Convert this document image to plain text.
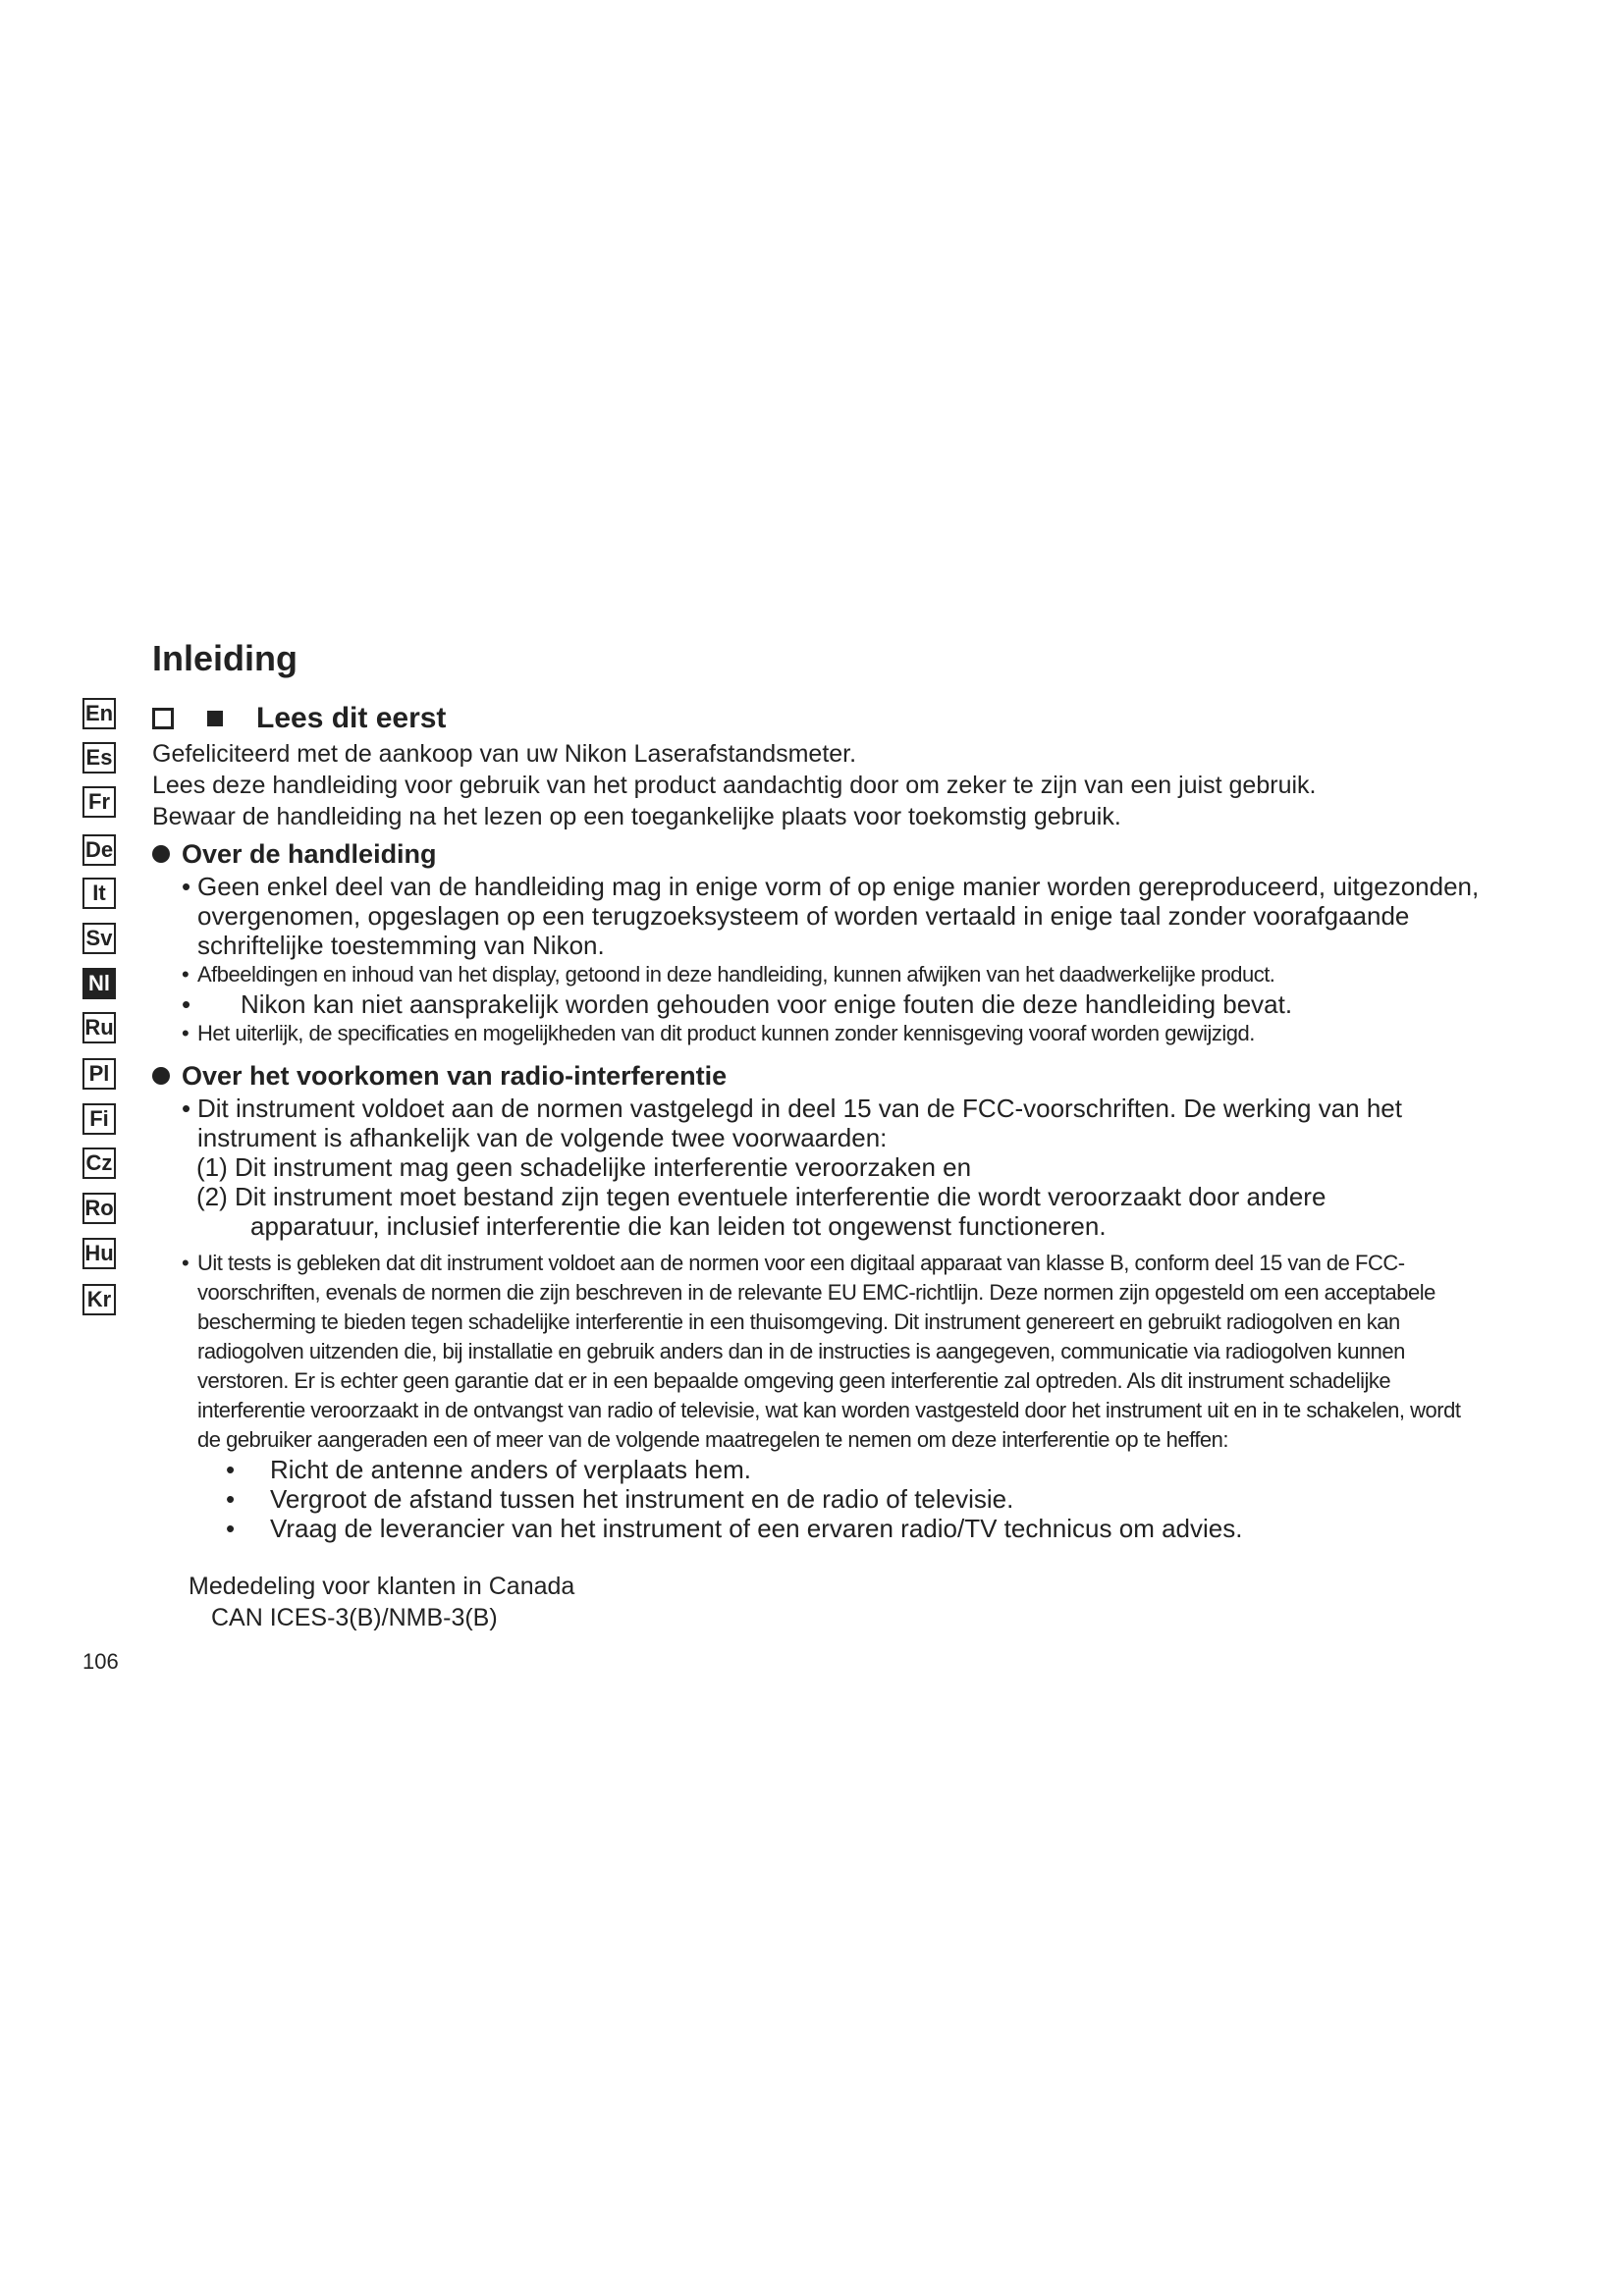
Inleiding
En
Es
Fr
De
It
Sv
Nl
Ru
Pl
Fi
Cz
Ro
Hu
Kr
Lees dit eerst

Gefeliciteerd met de aankoop van uw Nikon Laserafstandsmeter.

Lees deze handleiding voor gebruik van het product aandachtig door om zeker te zijn van een juist gebruik.

Bewaar de handleiding na het lezen op een toegankelijke plaats voor toekomstig gebruik.

Over de handleiding
• Geen enkel deel van de handleiding mag in enige vorm of op enige manier worden gereproduceerd, uitgezonden, overgenomen, opgeslagen op een terugzoeksysteem of worden vertaald in enige taal zonder voorafgaande schriftelijke toestemming van Nikon.
• Afbeeldingen en inhoud van het display, getoond in deze handleiding, kunnen afwijken van het daadwerkelijke product.
• Nikon kan niet aansprakelijk worden gehouden voor enige fouten die deze handleiding bevat.
• Het uiterlijk, de specificaties en mogelijkheden van dit product kunnen zonder kennisgeving vooraf worden gewijzigd.
Over het voorkomen van radio-interferentie
• Dit instrument voldoet aan de normen vastgelegd in deel 15 van de FCC-voorschriften. De werking van het instrument is afhankelijk van de volgende twee voorwaarden:

(1) Dit instrument mag geen schadelijke interferentie veroorzaken en

(2) Dit instrument moet bestand zijn tegen eventuele interferentie die wordt veroorzaakt door andere

apparatuur, inclusief interferentie die kan leiden tot ongewenst functioneren.

• Uit tests is gebleken dat dit instrument voldoet aan de normen voor een digitaal apparaat van klasse B, conform deel 15 van de FCC-voorschriften, evenals de normen die zijn beschreven in de relevante EU EMC-richtlijn. Deze normen zijn opgesteld om een acceptabele bescherming te bieden tegen schadelijke interferentie in een thuisomgeving. Dit instrument genereert en gebruikt radiogolven en kan radiogolven uitzenden die, bij installatie en gebruik anders dan in de instructies is aangegeven, communicatie via radiogolven kunnen verstoren. Er is echter geen garantie dat er in een bepaalde omgeving geen interferentie zal optreden. Als dit instrument schadelijke interferentie veroorzaakt in de ontvangst van radio of televisie, wat kan worden vastgesteld door het instrument uit en in te schakelen, wordt de gebruiker aangeraden een of meer van de volgende maatregelen te nemen om deze interferentie op te heffen:
• Richt de antenne anders of verplaats hem.
• Vergroot de afstand tussen het instrument en de radio of televisie.
• Vraag de leverancier van het instrument of een ervaren radio/TV technicus om advies.
Mededeling voor klanten in Canada
CAN ICES-3(B)/NMB-3(B)
106
